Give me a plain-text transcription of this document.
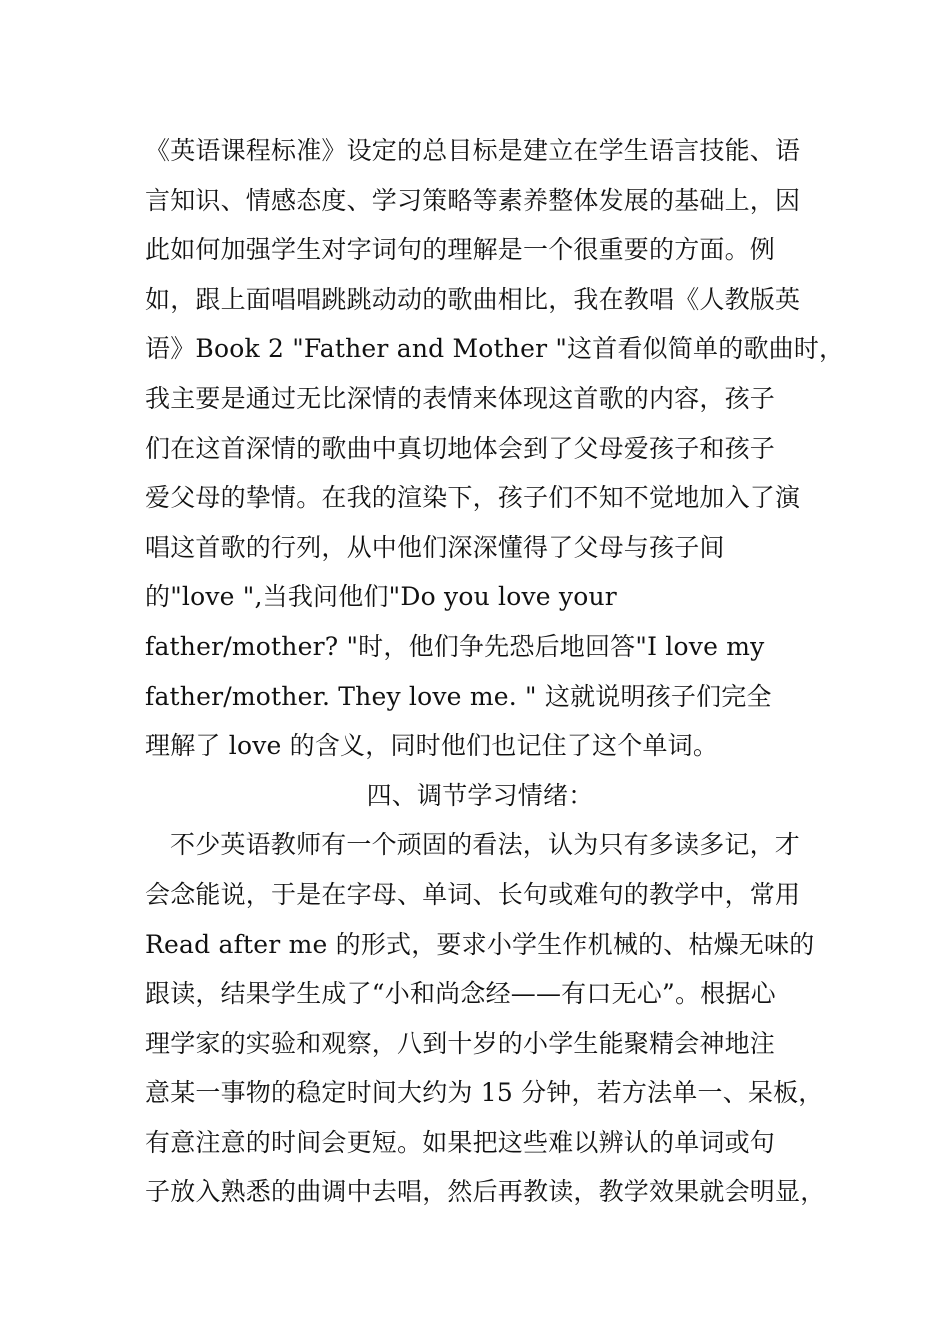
《英语课程标准》设定的总目标是建立在学生语言技能、语
言知识、情感态度、学习策略等素养整体发展的基础上，因
此如何加强学生对字词句的理解是一个很重要的方面。例
如，跟上面唱唱跳跳动动的歌曲相比，我在教唱《人教版英
语》Book 2 "Father and Mother "这首看似简单的歌曲时，
我主要是通过无比深情的表情来体现这首歌的内容，孩子
们在这首深情的歌曲中真切地体会到了父母爱孩子和孩子
爱父母的挚情。在我的渲染下，孩子们不知不觉地加入了演
唱这首歌的行列，从中他们深深懂得了父母与孩子间
的"love ",当我问他们"Do you love your
father/mother? "时，他们争先恐后地回答"I love my
father/mother. They love me. " 这就说明孩子们完全
理解了 love 的含义，同时他们也记住了这个单词。
四、调节学习情绪：
不少英语教师有一个顽固的看法，认为只有多读多记，才
会念能说，于是在字母、单词、长句或难句的教学中，常用
Read after me 的形式，要求小学生作机械的、枯燥无味的
跟读，结果学生成了“小和尚念经——有口无心”。根据心
理学家的实验和观察，八到十岁的小学生能聚精会神地注
意某一事物的稳定时间大约为 15 分钟，若方法单一、呆板，
有意注意的时间会更短。如果把这些难以辨认的单词或句
子放入熟悉的曲调中去唱，然后再教读，教学效果就会明显，
